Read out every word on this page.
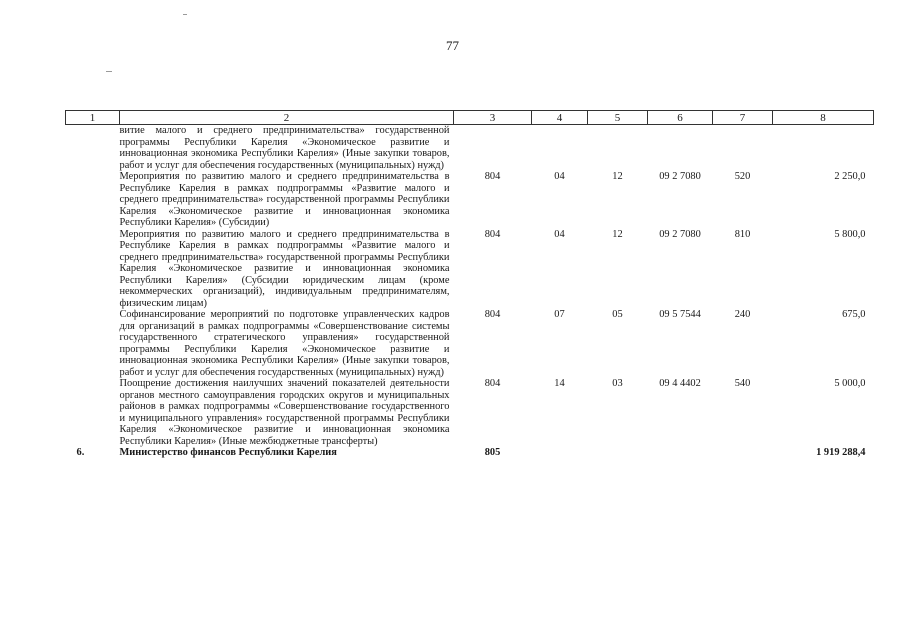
77
1	2	3	4	5	6	7	8
	витие малого и среднего предпринимательства» государственной программы Республики Карелия «Экономическое развитие и инновационная экономика Республики Карелия» (Иные закупки товаров, работ и услуг для обеспечения государственных (муниципальных) нужд)						
	Мероприятия по развитию малого и среднего предпринимательства в Республике Карелия в рамках подпрограммы «Развитие малого и среднего предпринимательства» государственной программы Республики Карелия «Экономическое развитие и инновационная экономика Республики Карелия» (Субсидии)	804	04	12	09 2 7080	520	2 250,0
	Мероприятия по развитию малого и среднего предпринимательства в Республике Карелия в рамках подпрограммы «Развитие малого и среднего предпринимательства» государственной программы Республики Карелия «Экономическое развитие и инновационная экономика Республики Карелия» (Субсидии юридическим лицам (кроме некоммерческих организаций), индивидуальным предпринимателям, физическим лицам)	804	04	12	09 2 7080	810	5 800,0
	Софинансирование мероприятий по подготовке управленческих кадров для организаций в рамках подпрограммы «Совершенствование системы государственного стратегического управления» государственной программы Республики Карелия «Экономическое развитие и инновационная экономика Республики Карелия» (Иные закупки товаров, работ и услуг для обеспечения государственных (муниципальных) нужд)	804	07	05	09 5 7544	240	675,0
	Поощрение достижения наилучших значений показателей деятельности органов местного самоуправления городских округов и муниципальных районов в рамках подпрограммы «Совершенствование государственного и муниципального управления» государственной программы Республики Карелия «Экономическое развитие и инновационная экономика Республики Карелия» (Иные межбюджетные трансферты)	804	14	03	09 4 4402	540	5 000,0
6.	Министерство финансов Республики Карелия	805					1 919 288,4
